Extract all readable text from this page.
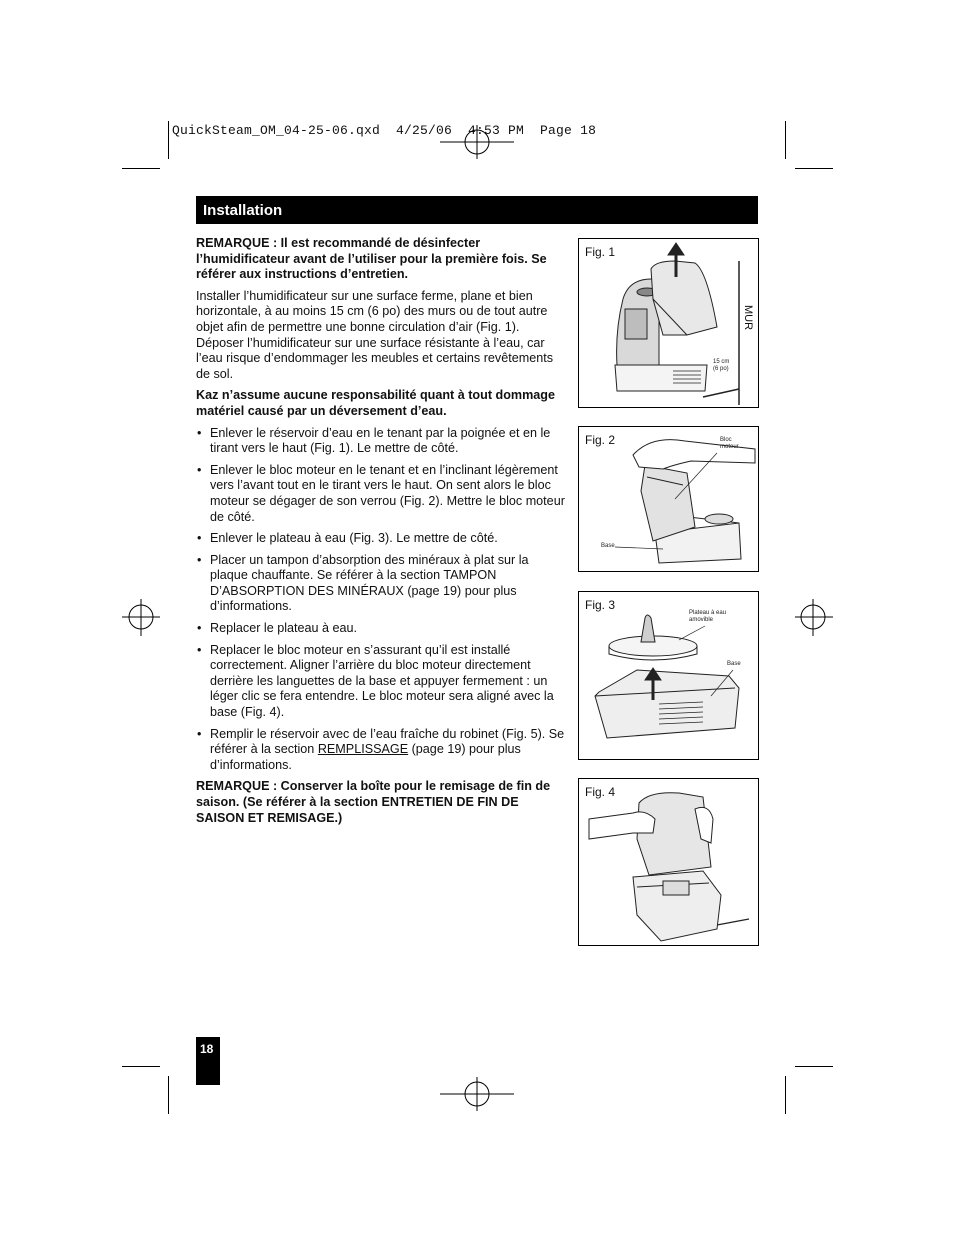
QuickSteam_OM_04-25-06.qxd  4/25/06  4:53 PM  Page 18
Installation

REMARQUE : Il est recommandé de désinfecter l’humidificateur avant de l’utiliser pour la première fois. Se référer aux instructions d’entretien.

Installer l’humidificateur sur une surface ferme, plane et bien horizontale, à au moins 15 cm (6 po) des murs ou de tout autre objet afin de permettre une bonne circulation d’air (Fig. 1). Déposer l’humidificateur sur une surface résistante à l’eau, car l’eau risque d’endommager les meubles et certains revêtements de sol.

Kaz n’assume aucune responsabilité quant à tout dommage matériel causé par un déversement d’eau.

• Enlever le réservoir d’eau en le tenant par la poignée et en le tirant vers le haut (Fig. 1). Le mettre de côté.
• Enlever le bloc moteur en le tenant et en l’inclinant légèrement vers l’avant tout en le tirant vers le haut. On sent alors le bloc moteur se dégager de son verrou (Fig. 2). Mettre le bloc moteur de côté.
• Enlever le plateau à eau (Fig. 3). Le mettre de côté.
• Placer un tampon d’absorption des minéraux à plat sur la plaque chauffante. Se référer à la section TAMPON D’ABSORPTION DES MINÉRAUX (page 19) pour plus d’informations.
• Replacer le plateau à eau.
• Replacer le bloc moteur en s’assurant qu’il est installé correctement. Aligner l’arrière du bloc moteur directement derrière les languettes de la base et appuyer fermement : un léger clic se fera entendre. Le bloc moteur sera aligné avec la base (Fig. 4).
• Remplir le réservoir avec de l’eau fraîche du robinet (Fig. 5). Se référer à la section REMPLISSAGE (page 19) pour plus d’informations.

REMARQUE : Conserver la boîte pour le remisage de fin de saison. (Se référer à la section ENTRETIEN DE FIN DE SAISON ET REMISAGE.)

Fig. 1
MUR
15 cm
(6 po)
Fig. 2	Bloc
moteur
Base
Fig. 3
Plateau à eau
amovible
Base
Fig. 4
18
